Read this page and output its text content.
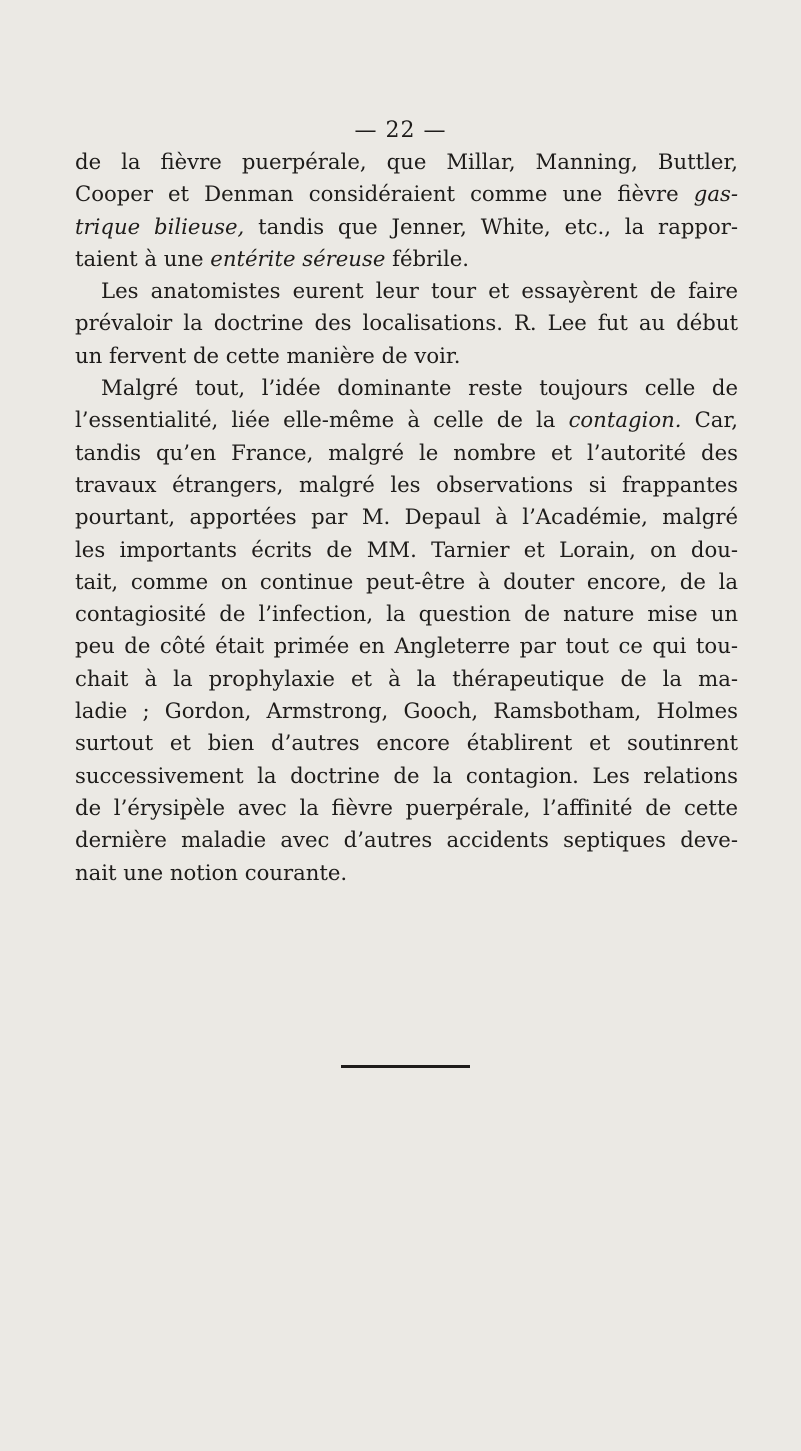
— 22 —
de la fièvre puerpérale, que Millar, Manning, Buttler,
Cooper et Denman considéraient comme une fièvre gas-
trique bilieuse, tandis que Jenner, White, etc., la rappor-
taient à une entérite séreuse fébrile.
Les anatomistes eurent leur tour et essayèrent de faire
prévaloir la doctrine des localisations. R. Lee fut au début
un fervent de cette manière de voir.
Malgré tout, l’idée dominante reste toujours celle de
l’essentialité, liée elle-même à celle de la contagion. Car,
tandis qu’en France, malgré le nombre et l’autorité des
travaux étrangers, malgré les observations si frappantes
pourtant, apportées par M. Depaul à l’Académie, malgré
les importants écrits de MM. Tarnier et Lorain, on dou-
tait, comme on continue peut-être à douter encore, de la
contagiosité de l’infection, la question de nature mise un
peu de côté était primée en Angleterre par tout ce qui tou-
chait à la prophylaxie et à la thérapeutique de la ma-
ladie ; Gordon, Armstrong, Gooch, Ramsbotham, Holmes
surtout et bien d’autres encore établirent et soutinrent
successivement la doctrine de la contagion. Les relations
de l’érysipèle avec la fièvre puerpérale, l’affinité de cette
dernière maladie avec d’autres accidents septiques deve-
nait une notion courante.
